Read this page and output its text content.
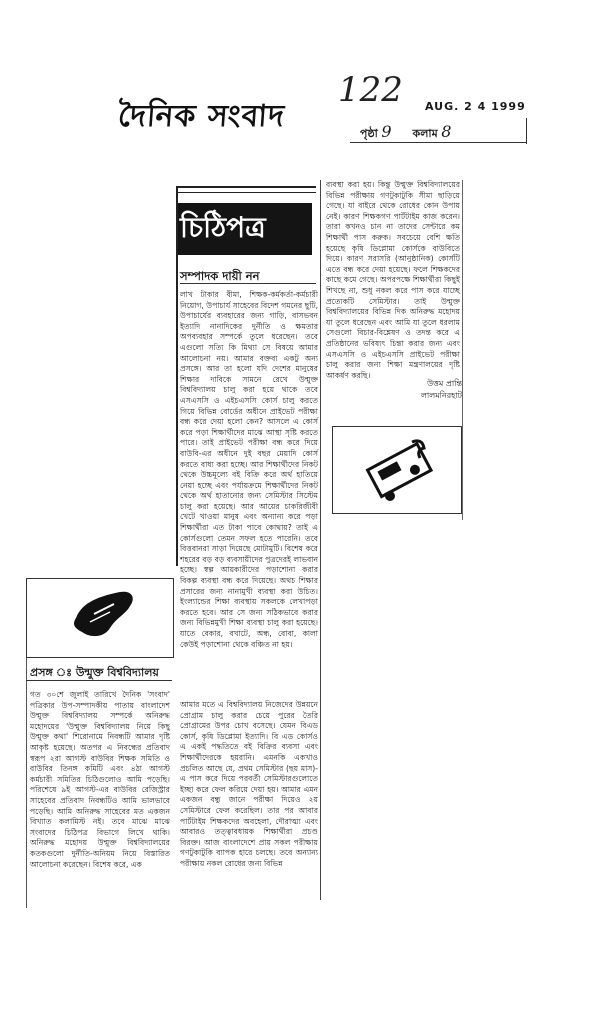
দৈনিক সংবাদ
122 AUG. 2 4 1999
পৃষ্ঠা 9 কলাম 8
চিঠিপত্র
সম্পাদক দায়ী নন
লাখ টাকার বীমা, শিক্ষক-কর্মকর্তা-কর্মচারী নিয়োগ, উপাচার্য সাহেবের বিদেশ গমনের ছুটি, উপাচার্যের ব্যবহারের জন্য গাড়ি, বাসভবন ইত্যাদি নানাদিকের দুর্নীতি ও ক্ষমতার অপব্যবহার সম্পর্কে তুলে ধরেছেন। তবে এগুলো সত্যি কি মিথ্যা সে বিষয়ে আমার আলোচনা নয়। আমার বক্তব্য একটু অন্য প্রসঙ্গে। আর তা হলো যদি দেশের মানুষের শিক্ষার দাবিকে সামনে রেখে উন্মুক্ত বিশ্ববিদ্যালয় চালু করা হয়ে থাকে তবে এসএসসি ও এইচএসসি কোর্স চালু করতে গিয়ে বিভিন্ন বোর্ডের অধীনে প্রাইভেট পরীক্ষা বন্ধ করে দেয়া হলো কেন? আসলে এ কোর্স করে পড়া শিক্ষার্থীদের মাঝে আস্থা সৃষ্টি করতে পারে। তাই প্রাইভেট পরীক্ষা বন্ধ করে দিয়ে বাউবি-এর অধীনে দুই বছর মেয়াদি কোর্স করতে বাধ্য করা হচ্ছে। আর শিক্ষার্থীদের নিকট থেকে উচ্চমূল্যে বই বিক্রি করে অর্থ হাতিয়ে নেয়া হচ্ছে এবং পর্যায়ক্রমে শিক্ষার্থীদের নিকট থেকে অর্থ হাতানোর জন্য সেমিস্টার সিস্টেম চালু করা হয়েছে। আর আয়ের চাকরিজীবী খেটে খাওয়া মানুষ এবং অন্যান্য করে পড়া শিক্ষার্থীরা এত টাকা পাবে কোথায়? তাই এ কোর্সগুলো তেমন সফল হতে পারেনি। তবে বিত্তবানরা সাড়া দিয়েছে মোটামুটি। বিশেষ করে শহরের বড় বড় ব্যবসায়ীদের পুত্রদেরই লাভবান হচ্ছে। স্বল্প আয়কারীদের পড়াশোনা করার বিকল্প ব্যবস্থা বন্ধ করে দিয়েছে। অথচ শিক্ষার প্রসারের জন্য নানামুখী ব্যবস্থা করা উচিত। ইংল্যান্ডের শিক্ষা ব্যবস্থায় সকলকে লেখাপড়া করতে হবে। আর সে জন্য সঠিকভাবে করার জন্য বিভিন্নমুখী শিক্ষা ব্যবস্থা চালু করা হয়েছে। যাতে বেকার, বখাটে, অন্ধ, বোবা, কালা কেউই পড়াশোনা থেকে বঞ্চিত না হয়।
আমার মতে এ বিশ্ববিদ্যালয় নিজেদের উন্নয়নে প্রোগ্রাম চালু করার চেয়ে পুরের তৈরি প্রোগ্রামের উপর চোখ বসেছে। যেমন বিএড কোর্স, কৃষি ডিপ্লোমা ইত্যাদি। বি এড কোর্সও এ একই পদ্ধতিতে বই বিক্রির ব্যবসা এবং শিক্ষার্থীদেরকে হয়রানি। এমনকি একখাও প্রচলিত আছে যে, প্রথম সেমিস্টার (ছয় মাস)-এ পাস করে দিয়ে পরবর্তী সেমিস্টারগুলোতে ইচ্ছা করে ফেল করিয়ে দেয়া হয়। আমার এমন একজন বন্ধু জানে পরীক্ষা দিয়েও ২য় সেমিস্টারে ফেল করেছিল। তার পর আবার পার্টটাইম শিক্ষকদের অবহেলা, দৌরাত্ম্য এবং আবারও তত্ত্বাবধায়ক শিক্ষার্থীরা প্রচণ্ড বিরক্ত। আজ বাংলাদেশে প্রায় সকল পরীক্ষায় গণটুকাটুকি ব্যাপক হারে চলছে। তবে অন্যান্য পরীক্ষায় নকল রোধের জন্য বিভিন্ন
ব্যবস্থা করা হয়। কিন্তু উন্মুক্ত বিশ্ববিদ্যালয়ের বিভিন্ন পরীক্ষায় গণটুকাটুকি সীমা ছাড়িয়ে গেছে। যা বাইরে থেকে রোধের কোন উপায় নেই। কারণ শিক্ষকগণ পার্টটাইম কাজ করেন। তারা কখনও চান না তাদের সেন্টারে কম শিক্ষার্থী পাস করুক। সবচেয়ে বেশি ক্ষতি হয়েছে কৃষি ডিপ্লোমা কোর্সকে বাউবিতে দিয়ে। কারণ সরাসরি (আনুষ্ঠানিক) কোর্সটি এতে বন্ধ করে দেয়া হয়েছে। ফলে শিক্ষকদের কাছে কমে গেছে। অপরপক্ষে শিক্ষার্থীরা কিছুই শিখছে না, শুধু নকল করে পাস করে যাচ্ছে প্রত্যেকটি সেমিস্টার। তাই উন্মুক্ত বিশ্ববিদ্যালয়ের বিভিন্ন দিক অনিরুদ্ধ মহোদয় যা তুলে ধরেছেন এবং আমি যা তুলে ধরলাম সেগুলো বিচার-বিশ্লেষণ ও তদন্ত করে এ প্রতিষ্ঠানের ভবিষ্যৎ চিন্তা করার জন্য এবং এসএসসি ও এইচএসসি প্রাইভেট পরীক্ষা চালু করার জন্য শিক্ষা মন্ত্রণালয়ের দৃষ্টি আকর্ষণ করছি।
উত্তম প্রান্তি
লালমনিরহাট
প্রসঙ্গ ঃ উন্মুক্ত বিশ্ববিদ্যালয়
গত ৩০শে জুলাই তারিখে দৈনিক 'সংবাদ' পত্রিকার উপ-সম্পাদকীয় পাতায় বাংলাদেশ উন্মুক্ত বিশ্ববিদ্যালয় সম্পর্কে অনিরুদ্ধ মহোদয়ের 'উন্মুক্ত বিশ্ববিদ্যালয় নিয়ে কিছু উন্মুক্ত কথা' শিরোনামে নিবন্ধটি আমার দৃষ্টি আকৃষ্ট হয়েছে। অতপর এ নিবন্ধের প্রতিবাদ স্বরূপ ২রা আগস্ট বাউবির শিক্ষক সমিতি ও বাউবির তিনঙ্গ কমিটি এবং ৪ঠা আগস্ট কর্মচারী সমিতির চিঠিগুলোও আমি পড়েছি। পরিশেষে ৯ই আগস্ট-এর বাউবির রেজিস্ট্রার সাহেবের প্রতিবাদ নিবন্ধটিও আমি ভালভাবে পড়েছি। আমি অনিরুদ্ধ সাহেবের মত একজন বিখ্যাত কলামিস্ট নই। তবে মাঝে মাঝে সংবাদের চিঠিপত্র বিভাগে লিখে থাকি। অনিরুদ্ধ মহোদয় উন্মুক্ত বিশ্ববিদ্যালয়ের কতকগুলো দুর্নীতি-অনিয়ম নিয়ে বিস্তারিত আলোচনা করেছেন। বিশেষ করে, এক
